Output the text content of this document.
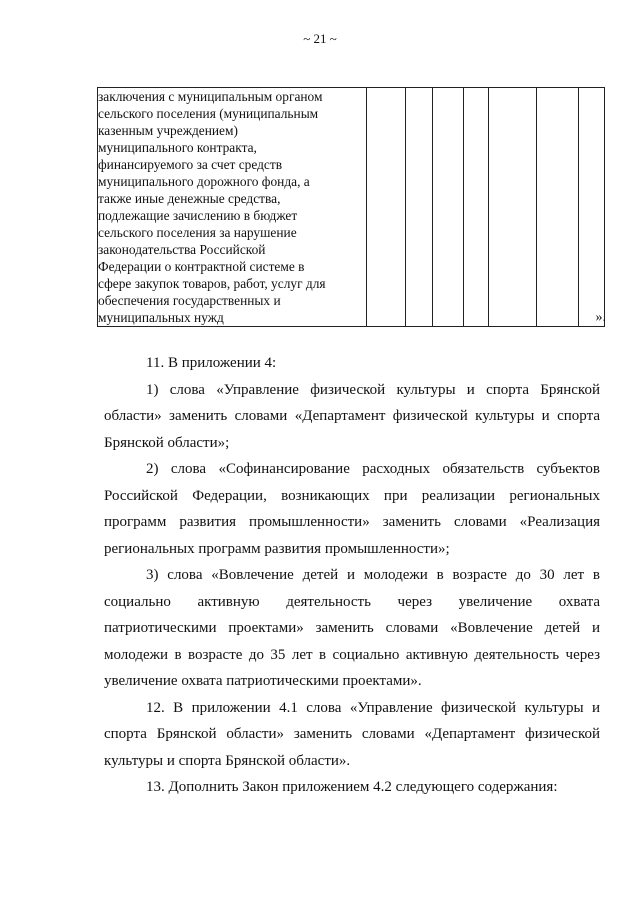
~ 21 ~
заключения с муниципальным органом
сельского поселения (муниципальным
казенным учреждением)
муниципального контракта,
финансируемого за счет средств
муниципального дорожного фонда, а
также иные денежные средства,
подлежащие зачислению в бюджет
сельского поселения за нарушение
законодательства Российской
Федерации о контрактной системе в
сфере закупок товаров, работ, услуг для
обеспечения государственных и
муниципальных нужд							».

11. В приложении 4:

1) слова «Управление физической культуры и спорта Брянской области» заменить словами «Департамент физической культуры и спорта Брянской области»;

2) слова «Софинансирование расходных обязательств субъектов Российской Федерации, возникающих при реализации региональных программ развития промышленности» заменить словами «Реализация региональных программ развития промышленности»;

3) слова «Вовлечение детей и молодежи в возрасте до 30 лет в социально активную деятельность через увеличение охвата патриотическими проектами» заменить словами «Вовлечение детей и молодежи в возрасте до 35 лет в социально активную деятельность через увеличение охвата патриотическими проектами».

12. В приложении 4.1 слова «Управление физической культуры и спорта Брянской области» заменить словами «Департамент физической культуры и спорта Брянской области».

13. Дополнить Закон приложением 4.2 следующего содержания:
